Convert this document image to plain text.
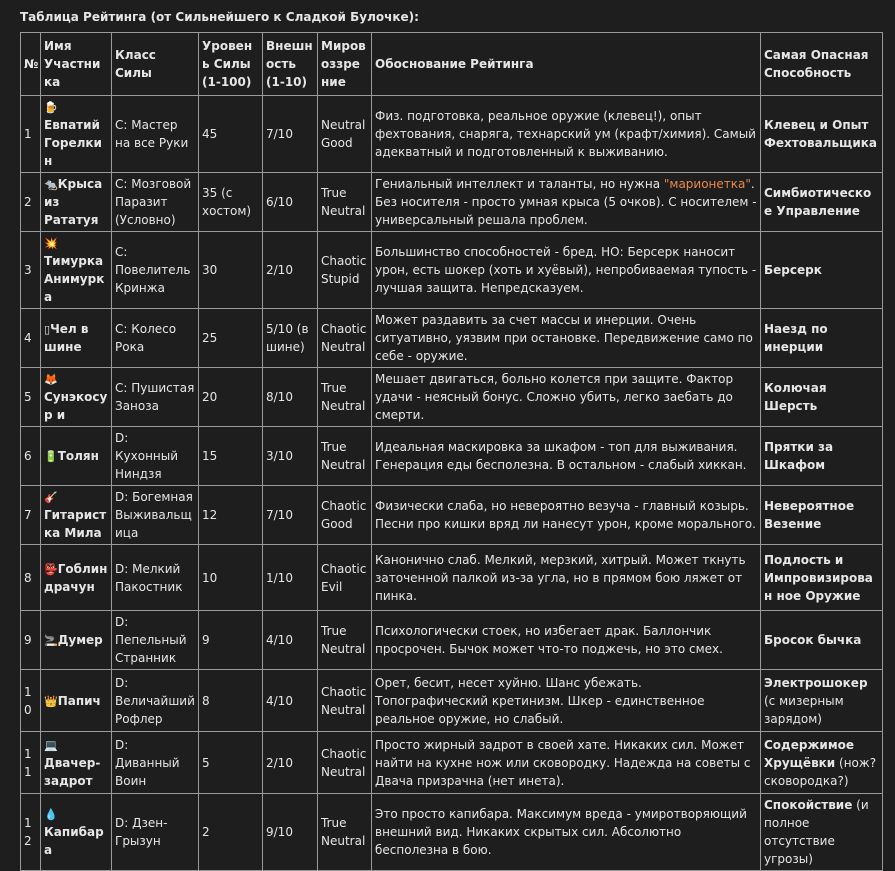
Таблица Рейтинга (от Сильнейшего к Сладкой Булочке):
№	Имя Участника	Класс Силы	Уровень Силы (1-100)	Внешность (1-10)	Мировоззрение	Обоснование Рейтинга	Самая Опасная Способность
1	🍺Евпатий Горелкин	C: Мастер на все Руки	45	7/10	Neutral Good	Физ. подготовка, реальное оружие (клевец!), опыт фехтования, снаряга, технарский ум (крафт/химия). Самый адекватный и подготовленный к выживанию.	Клевец и Опыт Фехтовальщика
2	🐀Крыса из Рататуя	C: Мозговой Паразит (Условно)	35 (с хостом)	6/10	True Neutral	Гениальный интеллект и таланты, но нужна "марионетка". Без носителя - просто умная крыса (5 очков). С носителем - универсальный решала проблем.	Симбиотическое Управление
3	💥Тимурка Анимурка	C: Повелитель Кринжа	30	2/10	Chaotic Stupid	Большинство способностей - бред. НО: Берсерк наносит урон, есть шокер (хоть и хуёвый), непробиваемая тупость - лучшая защита. Непредсказуем.	Берсерк
4	▯Чел в шине	C: Колесо Рока	25	5/10 (в шине)	Chaotic Neutral	Может раздавить за счет массы и инерции. Очень ситуативно, уязвим при остановке. Передвижение само по себе - оружие.	Наезд по инерции
5	🦊Сунэкосур и	C: Пушистая Заноза	20	8/10	True Neutral	Мешает двигаться, больно колется при защите. Фактор удачи - неясный бонус. Сложно убить, легко заебать до смерти.	Колючая Шерсть
6	🔋Толян	D: Кухонный Ниндзя	15	3/10	True Neutral	Идеальная маскировка за шкафом - топ для выживания. Генерация еды бесполезна. В остальном - слабый хиккан.	Прятки за Шкафом
7	🎸Гитарист ка Мила	D: Богемная Выживальщ ица	12	7/10	Chaotic Good	Физически слаба, но невероятно везуча - главный козырь. Песни про кишки вряд ли нанесут урон, кроме морального.	Невероятное Везение
8	👺Гоблин драчун	D: Мелкий Пакостник	10	1/10	Chaotic Evil	Канонично слаб. Мелкий, мерзкий, хитрый. Может ткнуть заточенной палкой из-за угла, но в прямом бою ляжет от пинка.	Подлость и Импровизирован ное Оружие
9	🚬Думер	D: Пепельный Странник	9	4/10	True Neutral	Психологически стоек, но избегает драк. Баллончик просрочен. Бычок может что-то поджечь, но это смех.	Бросок бычка
10	👑Папич	D: Величайший Рофлер	8	4/10	Chaotic Neutral	Орет, бесит, несет хуйню. Шанс убежать. Топографический кретинизм. Шкер - единственное реальное оружие, но слабый.	Электрошокер (с мизерным зарядом)
11	💻Двачер-задрот	D: Диванный Воин	5	2/10	Chaotic Neutral	Просто жирный задрот в своей хате. Никаких сил. Может найти на кухне нож или сковородку. Надежда на советы с Двача призрачна (нет инета).	Содержимое Хрущёвки (нож? сковородка?)
12	💧Капибара	D: Дзен-Грызун	2	9/10	True Neutral	Это просто капибара. Максимум вреда - умиротворяющий внешний вид. Никаких скрытых сил. Абсолютно бесполезна в бою.	Спокойствие (и полное отсутствие угрозы)
